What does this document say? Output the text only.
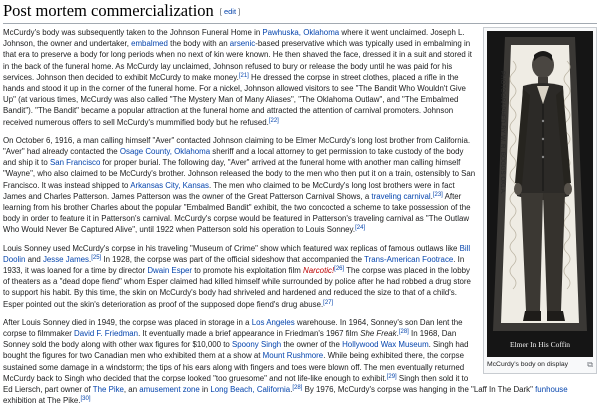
Post mortem commercialization [ edit ]
PHOTOGRAPHED BY W. R. BOGGS OKLA.
Elmer In His Coffin
McCurdy's body on display ⧉

McCurdy's body was subsequently taken to the Johnson Funeral Home in Pawhuska, Oklahoma where it went unclaimed. Joseph L. Johnson, the owner and undertaker, embalmed the body with an arsenic-based preservative which was typically used in embalming in that era to preserve a body for long periods when no next of kin were known. He then shaved the face, dressed it in a suit and stored it in the back of the funeral home. As McCurdy lay unclaimed, Johnson refused to bury or release the body until he was paid for his services. Johnson then decided to exhibit McCurdy to make money.[21] He dressed the corpse in street clothes, placed a rifle in the hands and stood it up in the corner of the funeral home. For a nickel, Johnson allowed visitors to see "The Bandit Who Wouldn't Give Up" (at various times, McCurdy was also called "The Mystery Man of Many Aliases", "The Oklahoma Outlaw", and "The Embalmed Bandit"). "The Bandit" became a popular attraction at the funeral home and attracted the attention of carnival promoters. Johnson received numerous offers to sell McCurdy's mummified body but he refused.[22]

On October 6, 1916, a man calling himself "Aver" contacted Johnson claiming to be Elmer McCurdy's long lost brother from California. "Aver" had already contacted the Osage County, Oklahoma sheriff and a local attorney to get permission to take custody of the body and ship it to San Francisco for proper burial. The following day, "Aver" arrived at the funeral home with another man calling himself "Wayne", who also claimed to be McCurdy's brother. Johnson released the body to the men who then put it on a train, ostensibly to San Francisco. It was instead shipped to Arkansas City, Kansas. The men who claimed to be McCurdy's long lost brothers were in fact James and Charles Patterson. James Patterson was the owner of the Great Patterson Carnival Shows, a traveling carnival.[23] After learning from his brother Charles about the popular "Embalmed Bandit" exhibit, the two concocted a scheme to take possession of the body in order to feature it in Patterson's carnival. McCurdy's corpse would be featured in Patterson's traveling carnival as "The Outlaw Who Would Never Be Captured Alive", until 1922 when Patterson sold his operation to Louis Sonney.[24]

Louis Sonney used McCurdy's corpse in his traveling "Museum of Crime" show which featured wax replicas of famous outlaws like Bill Doolin and Jesse James.[25] In 1928, the corpse was part of the official sideshow that accompanied the Trans-American Footrace. In 1933, it was loaned for a time by director Dwain Esper to promote his exploitation film Narcotic![26] The corpse was placed in the lobby of theaters as a "dead dope fiend" whom Esper claimed had killed himself while surrounded by police after he had robbed a drug store to support his habit. By this time, the skin on McCurdy's body had shriveled and hardened and reduced the size to that of a child's. Esper pointed out the skin's deterioration as proof of the supposed dope fiend's drug abuse.[27]

After Louis Sonney died in 1949, the corpse was placed in storage in a Los Angeles warehouse. In 1964, Sonney's son Dan lent the corpse to filmmaker David F. Friedman. It eventually made a brief appearance in Friedman's 1967 film She Freak.[28] In 1968, Dan Sonney sold the body along with other wax figures for $10,000 to Spoony Singh the owner of the Hollywood Wax Museum. Singh had bought the figures for two Canadian men who exhibited them at a show at Mount Rushmore. While being exhibited there, the corpse sustained some damage in a windstorm; the tips of his ears along with fingers and toes were blown off. The men eventually returned McCurdy back to Singh who decided that the corpse looked "too gruesome" and not life-like enough to exhibit.[29] Singh then sold it to Ed Liersch, part owner of The Pike, an amusement zone in Long Beach, California.[28] By 1976, McCurdy's corpse was hanging in the "Laff In The Dark" funhouse exhibition at The Pike.[30]
